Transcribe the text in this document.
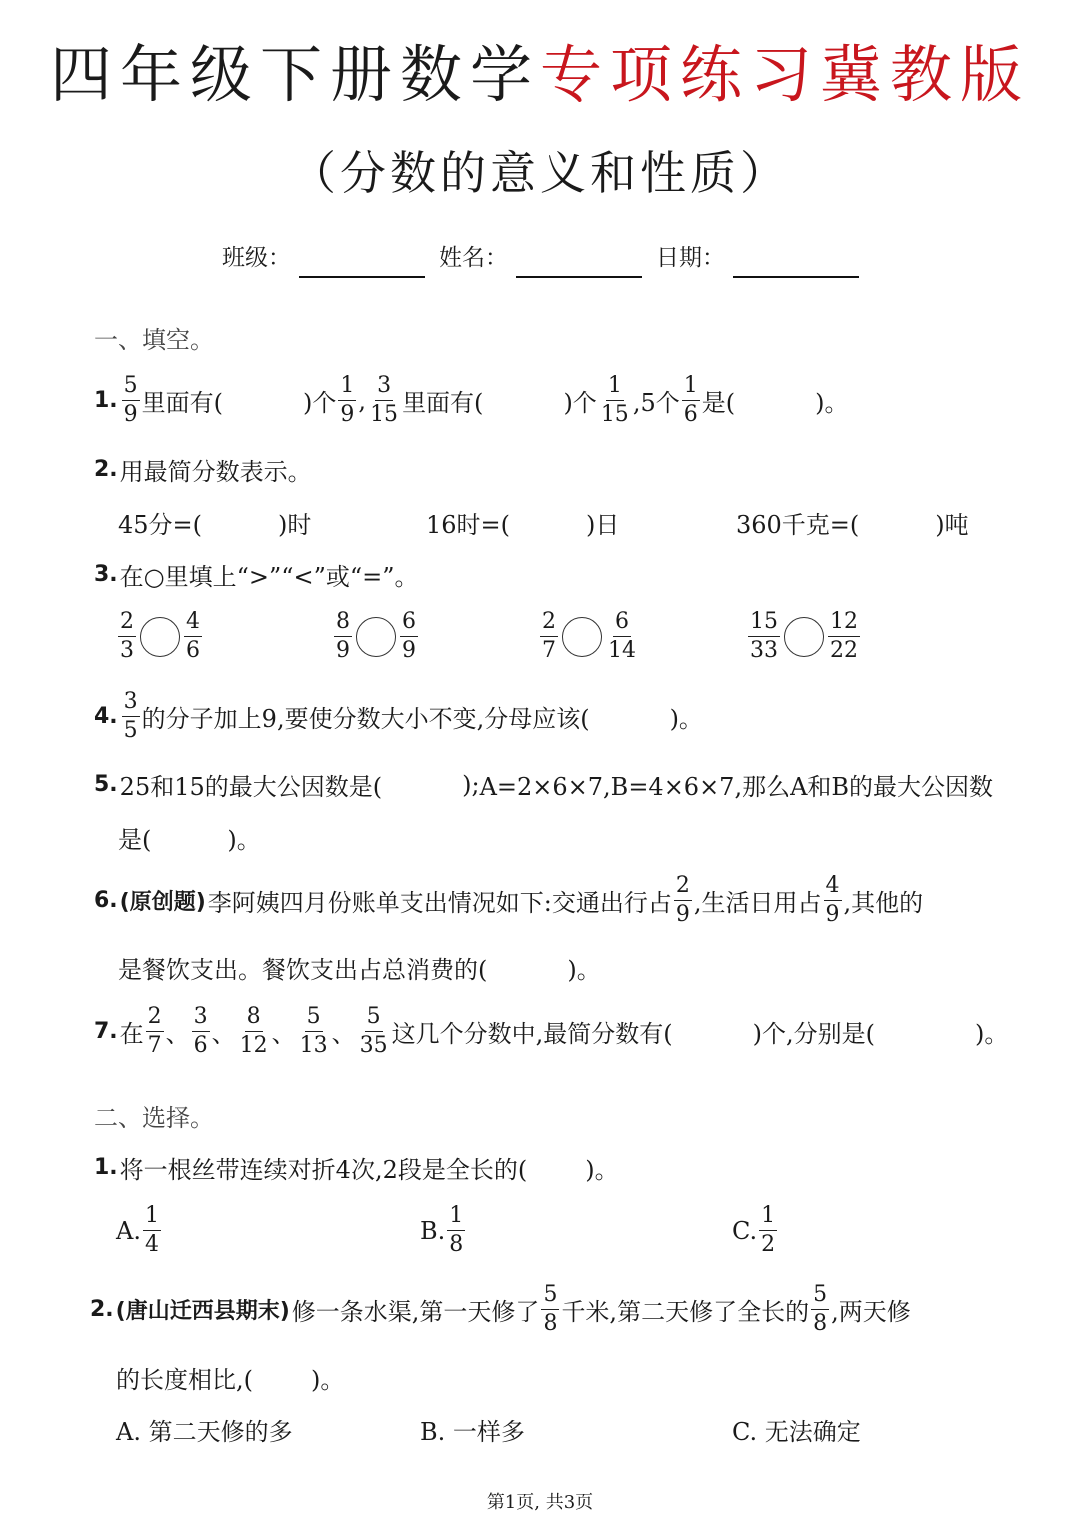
四年级下册数学专项练习冀教版
（分数的意义和性质）
班级：	姓名：	日期：
一、填空。
1. $\frac{5}{9}$ 里面有(	)个 $\frac{1}{9}$ , $\frac{3}{15}$ 里面有(	)个 $\frac{1}{15} ,5$个 $\frac{1}{6}$ 是(	)。
2. 用最简分数表示。
45分=(	)时	16时=(	)日	360千克=(	)吨
3. 在○里填上“>”“<”或“=”。
$\frac{2}{3} \frac{4}{6}$	$\frac{8}{9} \frac{6}{9}$	$\frac{2}{7} \frac{6}{14}$	$\frac{15}{33} \frac{12}{22}$
4. $\frac{3}{5}$ 的分子加上9,要使分数大小不变,分母应该(	)。
5. 25和15的最大公因数是(	); A=2×6×7,B=4×6×7,那么A和B的最大公因数
是(	)。
6. (原创题) 李阿姨四月份账单支出情况如下:交通出行占 $\frac{2}{9}$ ,生活日用占 $\frac{4}{9}$ ,其他的
是餐饮支出。餐饮支出占总消费的(	)。
7. 在 $\frac{2}{7}$ 、 $\frac{3}{6}$ 、 $\frac{8}{12}$ 、 $\frac{5}{13}$ 、 $\frac{5}{35}$ 这几个分数中,最简分数有(	)个,分别是(	)。
二、选择。
1. 将一根丝带连续对折4次,2段是全长的( )。
A. $\frac{1}{4}$	B. $\frac{1}{8}$	C. $\frac{1}{2}$
2. (唐山迁西县期末) 修一条水渠,第一天修了 $\frac{5}{8}$ 千米,第二天修了全长的 $\frac{5}{8}$ ,两天修
的长度相比,( )。
A. 第二天修的多	B. 一样多	C. 无法确定
第1页, 共3页
